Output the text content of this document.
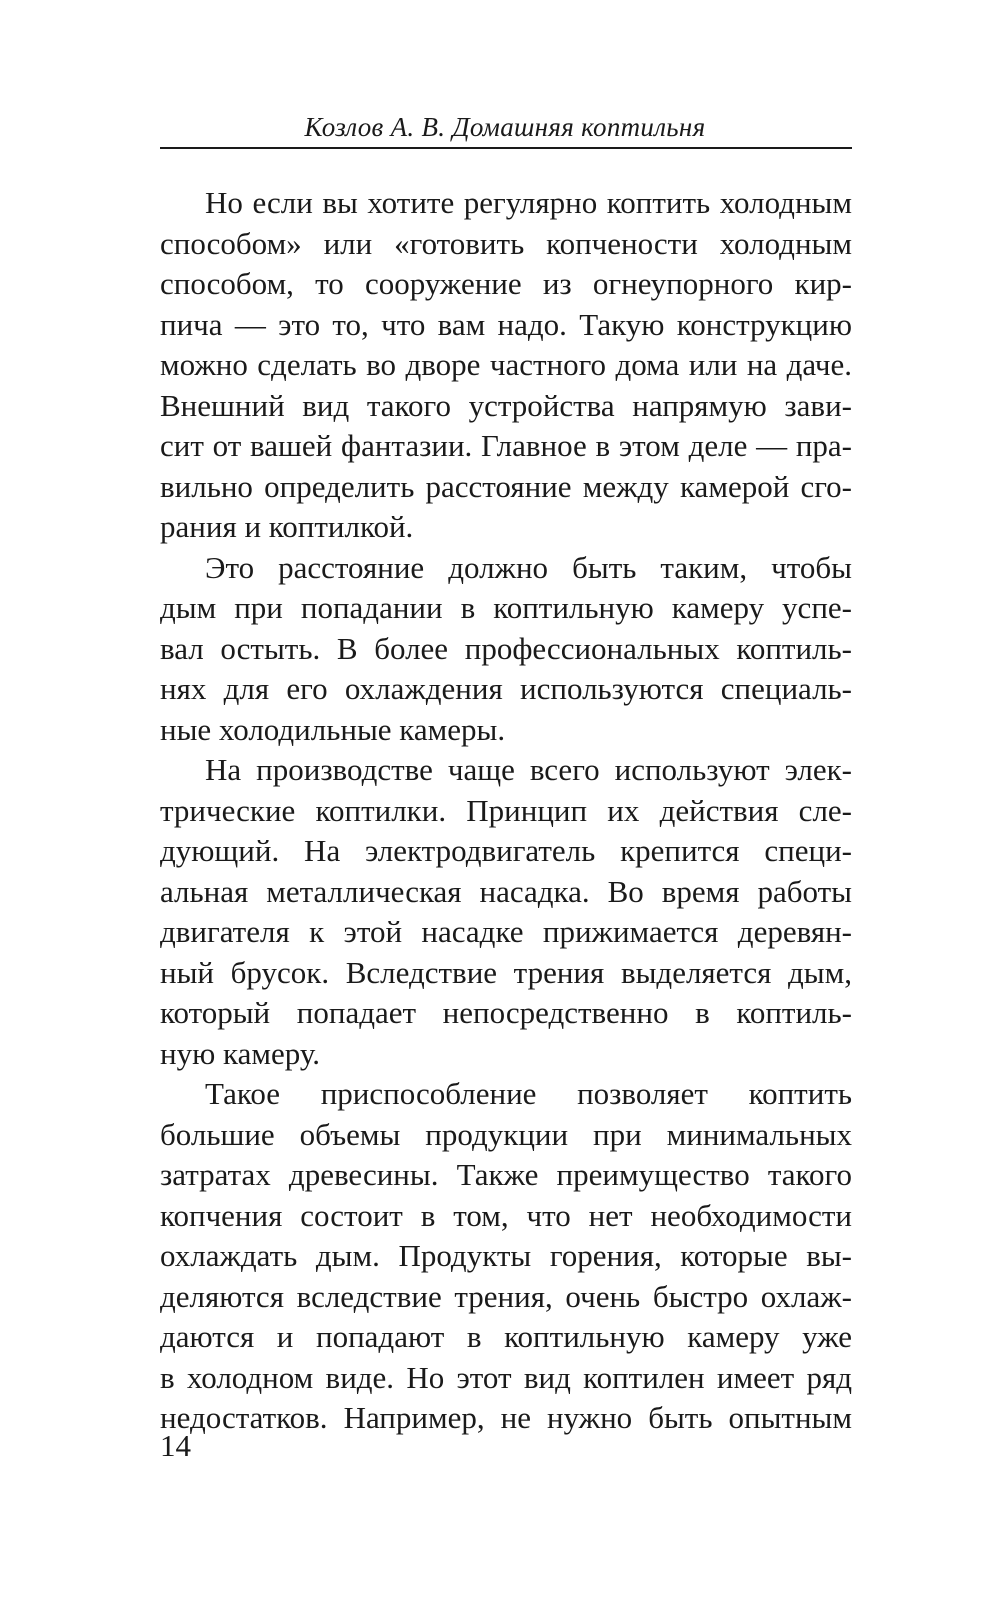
Козлов А. В. Домашняя коптильня
Но если вы хотите регулярно коптить холодным
способом» или «готовить копчености холодным
способом, то сооружение из огнеупорного кир-
пича — это то, что вам надо. Такую конструкцию
можно сделать во дворе частного дома или на даче.
Внешний вид такого устройства напрямую зави-
сит от вашей фантазии. Главное в этом деле — пра-
вильно определить расстояние между камерой сго-
рания и коптилкой.
Это расстояние должно быть таким, чтобы
дым при попадании в коптильную камеру успе-
вал остыть. В более профессиональных коптиль-
нях для его охлаждения используются специаль-
ные холодильные камеры.
На производстве чаще всего используют элек-
трические коптилки. Принцип их действия сле-
дующий. На электродвигатель крепится специ-
альная металлическая насадка. Во время работы
двигателя к этой насадке прижимается деревян-
ный брусок. Вследствие трения выделяется дым,
который попадает непосредственно в коптиль-
ную камеру.
Такое приспособление позволяет коптить
большие объемы продукции при минимальных
затратах древесины. Также преимущество такого
копчения состоит в том, что нет необходимости
охлаждать дым. Продукты горения, которые вы-
деляются вследствие трения, очень быстро охлаж-
даются и попадают в коптильную камеру уже
в холодном виде. Но этот вид коптилен имеет ряд
недостатков. Например, не нужно быть опытным
14
